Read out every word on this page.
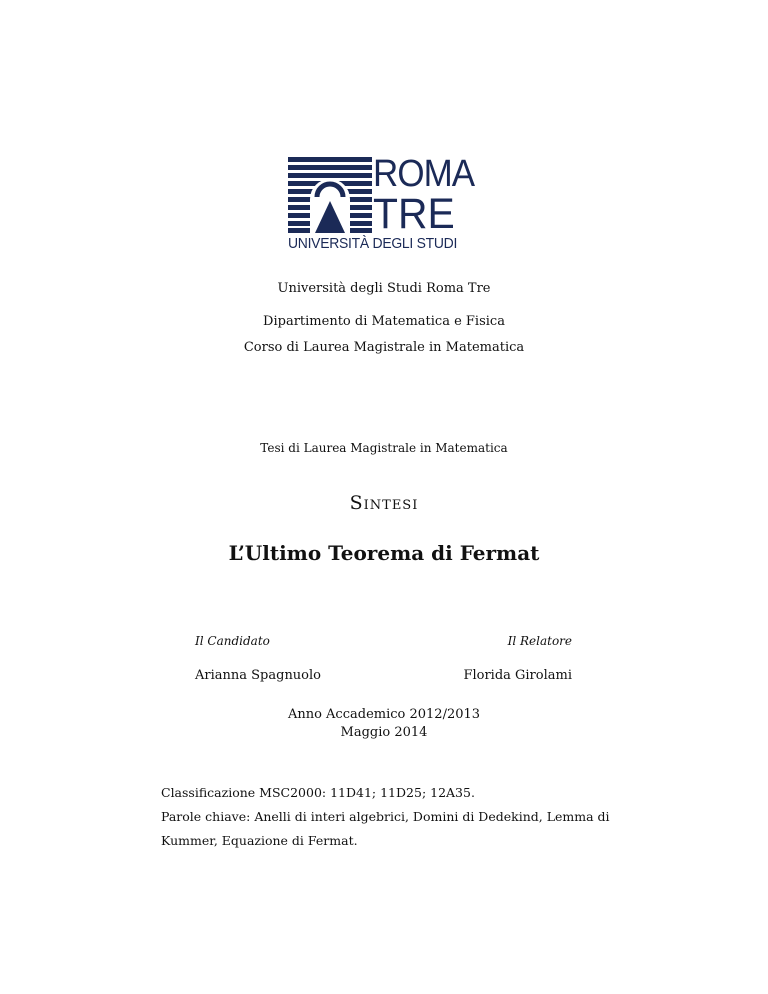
ROMA
TRE
UNIVERSITÀ DEGLI STUDI
Università degli Studi Roma Tre
Dipartimento di Matematica e Fisica
Corso di Laurea Magistrale in Matematica
Tesi di Laurea Magistrale in Matematica
Sintesi
L’Ultimo Teorema di Fermat
Il Candidato
Arianna Spagnuolo
Il Relatore
Florida Girolami
Anno Accademico 2012/2013
Maggio 2014
Classificazione MSC2000: 11D41; 11D25; 12A35.
Parole chiave: Anelli di interi algebrici, Domini di Dedekind, Lemma di
Kummer, Equazione di Fermat.
